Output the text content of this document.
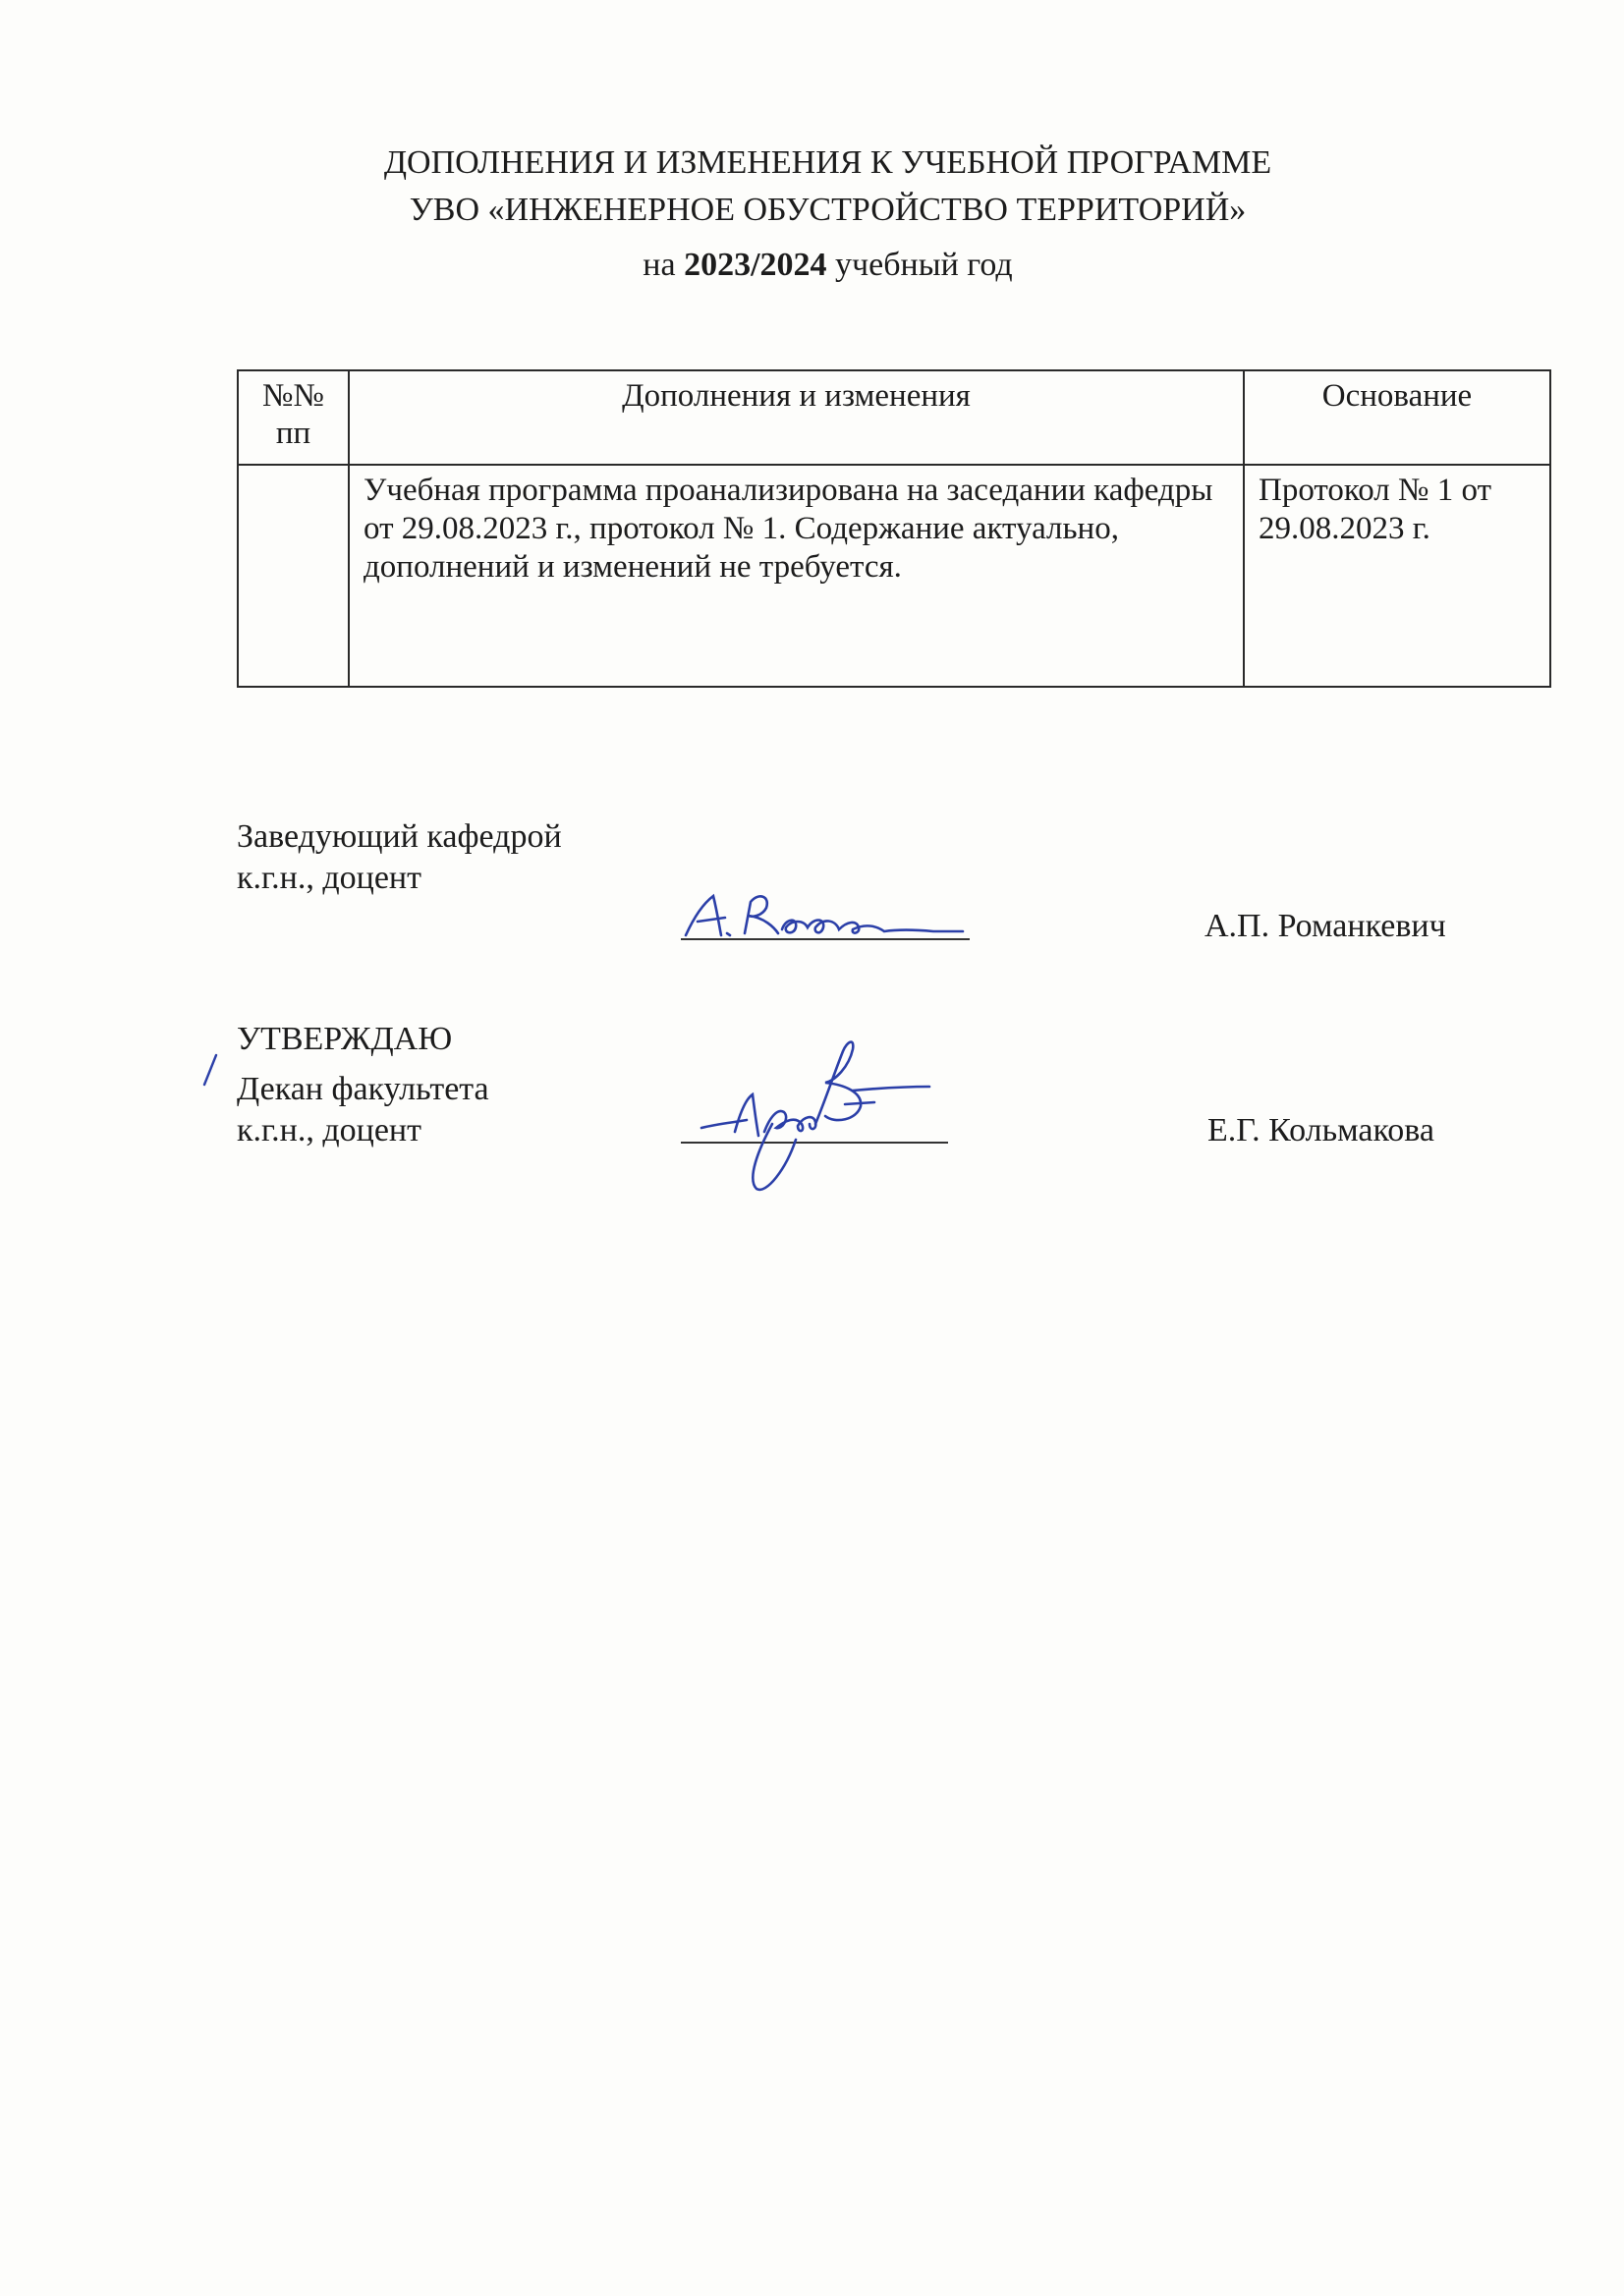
ДОПОЛНЕНИЯ И ИЗМЕНЕНИЯ К УЧЕБНОЙ ПРОГРАММЕ
УВО «ИНЖЕНЕРНОЕ ОБУСТРОЙСТВО ТЕРРИТОРИЙ»
на 2023/2024 учебный год
№№
пп	Дополнения и изменения	Основание
	Учебная программа проанализирована на заседании кафедры от 29.08.2023 г., протокол № 1. Содержание актуально, дополнений и изменений не требуется.	Протокол № 1 от 29.08.2023 г.
Заведующий кафедрой
к.г.н., доцент
А.П. Романкевич
УТВЕРЖДАЮ
Декан факультета
к.г.н., доцент	Е.Г. Кольмакова
